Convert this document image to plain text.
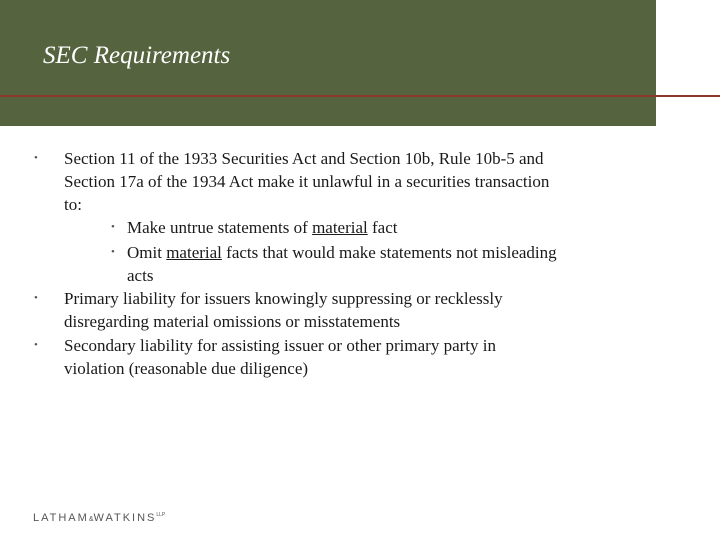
SEC Requirements
• Section 11 of the 1933 Securities Act and Section 10b, Rule 10b-5 and
Section 17a of the 1934 Act make it unlawful in a securities transaction
to:
• Make untrue statements of material fact
• Omit material facts that would make statements not misleading
acts
• Primary liability for issuers knowingly suppressing or recklessly
disregarding material omissions or misstatements
• Secondary liability for assisting issuer or other primary party in
violation (reasonable due diligence)
$LATHAM\&WATKINS^{LLP}$
